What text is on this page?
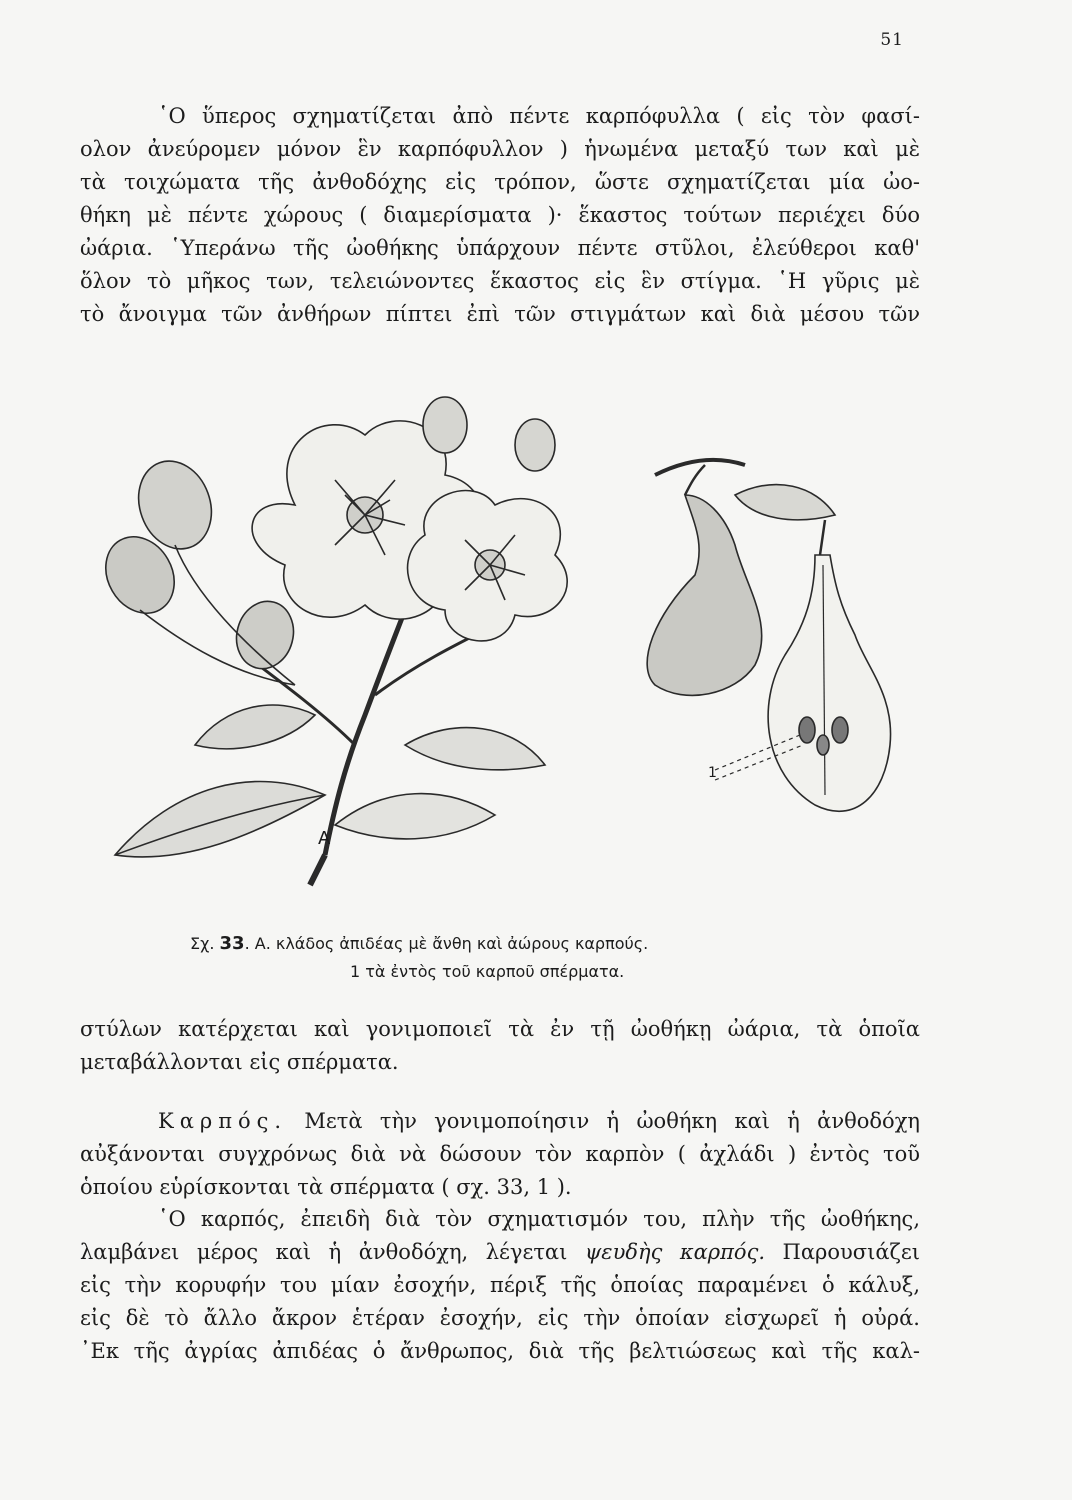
51
῾Ο ὕπερος σχηματίζεται ἀπὸ πέντε καρπόφυλλα ( εἰς τὸν φασί-
ολον ἀνεύρομεν μόνον ἓν καρπόφυλλον ) ἡνωμένα μεταξύ των καὶ μὲ
τὰ τοιχώματα τῆς ἀνθοδόχης εἰς τρόπον, ὥστε σχηματίζεται μία ὠο-
θήκη μὲ πέντε χώρους ( διαμερίσματα )· ἕκαστος τούτων περιέχει δύο
ὠάρια. ῾Υπεράνω τῆς ὠοθήκης ὑπάρχουν πέντε στῦλοι, ἐλεύθεροι καθ'
ὅλον τὸ μῆκος των, τελειώνοντες ἕκαστος εἰς ἓν στίγμα. ῾Η γῦρις μὲ
τὸ ἄνοιγμα τῶν ἀνθήρων πίπτει ἐπὶ τῶν στιγμάτων καὶ διὰ μέσου τῶν
Α
1
Σχ. 33. Α. κλάδος ἀπιδέας μὲ ἄνθη καὶ ἀώρους καρπούς.
1 τὰ ἐντὸς τοῦ καρποῦ σπέρματα.
στύλων κατέρχεται καὶ γονιμοποιεῖ τὰ ἐν τῇ ὠοθήκῃ ὠάρια, τὰ ὁποῖα
μεταβάλλονται εἰς σπέρματα.
Καρπός. Μετὰ τὴν γονιμοποίησιν ἡ ὠοθήκη καὶ ἡ ἀνθοδόχη
αὐξάνονται συγχρόνως διὰ νὰ δώσουν τὸν καρπὸν ( ἀχλάδι ) ἐντὸς τοῦ
ὁποίου εὑρίσκονται τὰ σπέρματα ( σχ. 33, 1 ).
῾Ο καρπός, ἐπειδὴ διὰ τὸν σχηματισμόν του, πλὴν τῆς ὠοθήκης,
λαμβάνει μέρος καὶ ἡ ἀνθοδόχη, λέγεται ψευδὴς καρπός. Παρουσιάζει
εἰς τὴν κορυφήν του μίαν ἐσοχήν, πέριξ τῆς ὁποίας παραμένει ὁ κάλυξ,
εἰς δὲ τὸ ἄλλο ἄκρον ἑτέραν ἐσοχήν, εἰς τὴν ὁποίαν εἰσχωρεῖ ἡ οὐρά.
᾿Εκ τῆς ἀγρίας ἀπιδέας ὁ ἄνθρωπος, διὰ τῆς βελτιώσεως καὶ τῆς καλ-
